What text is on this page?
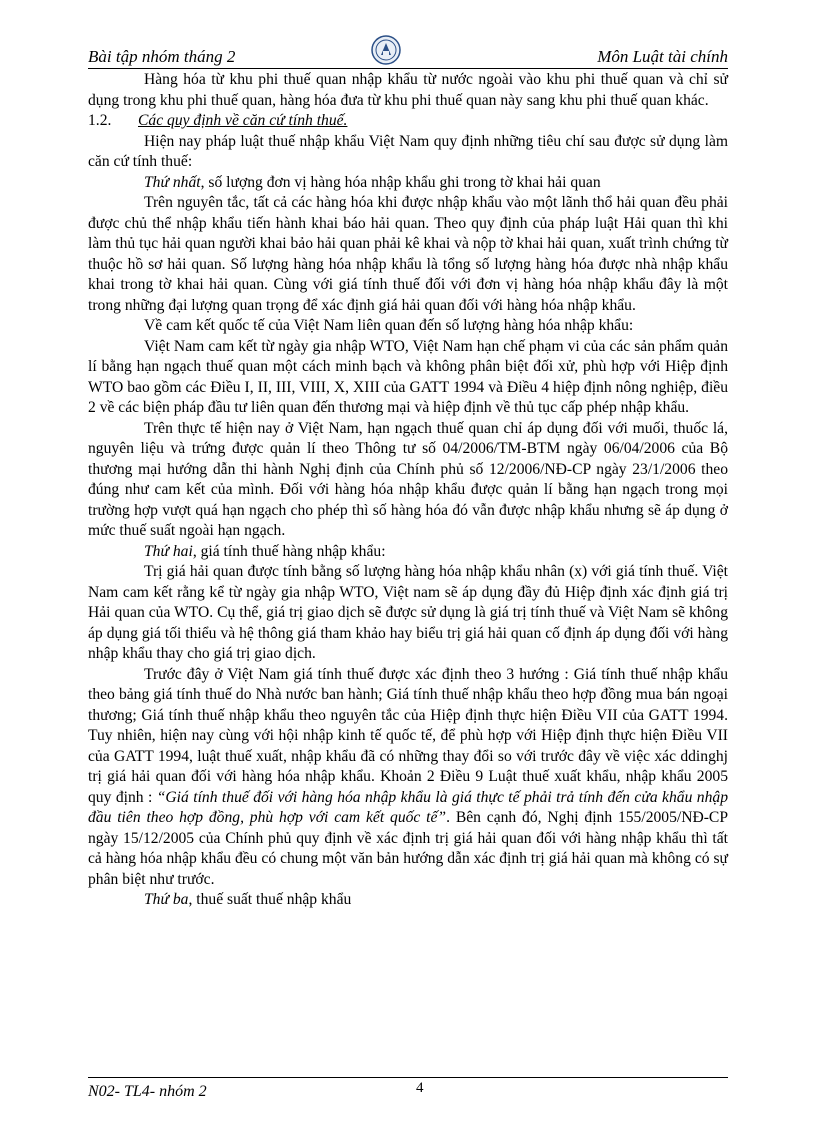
Bài tập nhóm tháng 2	Môn Luật tài chính

Hàng hóa từ khu phi thuế quan nhập khẩu từ nước ngoài vào khu phi thuế quan và chỉ sử dụng trong khu phi thuế quan, hàng hóa đưa từ khu phi thuế quan này sang khu phi thuế quan khác.

1.2.	Các quy định về căn cứ tính thuế.

Hiện nay pháp luật thuế nhập khẩu Việt Nam quy định những tiêu chí sau được sử dụng làm căn cứ tính thuế:

Thứ nhất, số lượng đơn vị hàng hóa nhập khẩu ghi trong tờ khai hải quan

Trên nguyên tắc, tất cả các hàng hóa khi được nhập khẩu vào một lãnh thổ hải quan đều phải được chủ thể nhập khẩu tiến hành khai báo hải quan. Theo quy định của pháp luật Hải quan thì khi làm thủ tục hải quan người khai bảo hải quan phải kê khai và nộp tờ khai hải quan, xuất trình chứng từ thuộc hồ sơ hải quan. Số lượng hàng hóa nhập khẩu là tổng số lượng hàng hóa được nhà nhập khẩu khai trong tờ khai hải quan. Cùng với giá tính thuế đối với đơn vị hàng hóa nhập khẩu đây là một trong những đại lượng quan trọng để xác định giá hải quan đối với hàng hóa nhập khẩu.

Về cam kết quốc tế của Việt Nam liên quan đến số lượng hàng hóa nhập khẩu:

Việt Nam cam kết từ ngày gia nhập WTO, Việt Nam hạn chế phạm vi của các sản phẩm quản lí bằng hạn ngạch thuế quan một cách minh bạch và không phân biệt đối xử, phù hợp với Hiệp định WTO bao gồm các Điều I, II, III, VIII, X, XIII của GATT 1994 và Điều 4 hiệp định nông nghiệp, điều 2 về các biện pháp đầu tư liên quan đến thương mại và hiệp định về thủ tục cấp phép nhập khẩu.

Trên thực tế hiện nay ở Việt Nam, hạn ngạch thuế quan chỉ áp dụng đối với muối, thuốc lá, nguyên liệu và trứng được quản lí theo Thông tư số 04/2006/TM-BTM ngày 06/04/2006 của Bộ thương mại hướng dẫn thi hành Nghị định của Chính phủ số 12/2006/NĐ-CP ngày 23/1/2006 theo đúng như cam kết của mình. Đối với hàng hóa nhập khẩu được quản lí bằng hạn ngạch trong mọi trường hợp vượt quá hạn ngạch cho phép thì số hàng hóa đó vẫn được nhập khẩu nhưng sẽ áp dụng ở mức thuế suất ngoài hạn ngạch.

Thứ hai, giá tính thuế hàng nhập khẩu:

Trị giá hải quan được tính bằng số lượng hàng hóa nhập khẩu nhân (x) với giá tính thuế. Việt Nam cam kết rằng kể từ ngày gia nhập WTO, Việt nam sẽ áp dụng đầy đủ Hiệp định xác định giá trị Hải quan của WTO. Cụ thể, giá trị giao dịch sẽ được sử dụng là giá trị tính thuế và Việt Nam sẽ không áp dụng giá tối thiểu và hệ thông giá tham khảo hay biểu trị giá hải quan cố định áp dụng đối với hàng nhập khẩu thay cho giá trị giao dịch.

Trước đây ở Việt Nam giá tính thuế được xác định theo 3 hướng : Giá tính thuế nhập khẩu theo bảng giá tính thuế do Nhà nước ban hành; Giá tính thuế nhập khẩu theo hợp đồng mua bán ngoại thương; Giá tính thuế nhập khẩu theo nguyên tắc của Hiệp định thực hiện Điều VII của GATT 1994. Tuy nhiên, hiện nay cùng với hội nhập kinh tế quốc tế, để phù hợp với Hiệp định thực hiện Điều VII của GATT 1994, luật thuế xuất, nhập khẩu đã có những thay đổi so với trước đây về việc xác ddinghj trị giá hải quan đối với hàng hóa nhập khẩu. Khoản 2 Điều 9 Luật thuế xuất khẩu, nhập khẩu 2005 quy định : “Giá tính thuế đối với hàng hóa nhập khẩu là giá thực tế phải trả tính đến cửa khẩu nhập đầu tiên theo hợp đồng, phù hợp với cam kết quốc tế”. Bên cạnh đó, Nghị định 155/2005/NĐ-CP ngày 15/12/2005 của Chính phủ quy định về xác định trị giá hải quan đối với hàng nhập khẩu thì tất cả hàng hóa nhập khẩu đều có chung một văn bản hướng dẫn xác định trị giá hải quan mà không có sự phân biệt như trước.

Thứ ba, thuế suất thuế nhập khẩu

N02- TL4- nhóm 2	4
